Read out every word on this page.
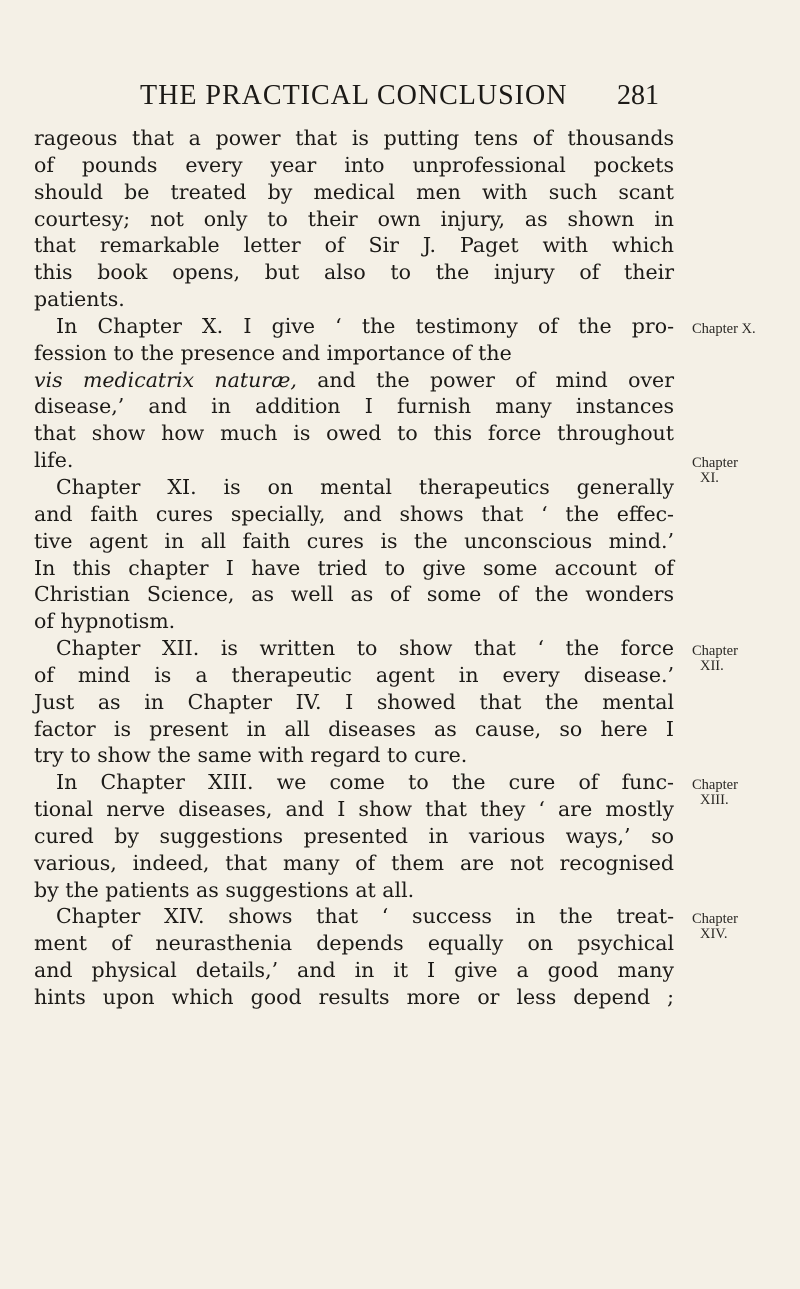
THE PRACTICAL CONCLUSION 281
rageous that a power that is putting tens of thousands
of pounds every year into unprofessional pockets
should be treated by medical men with such scant
courtesy; not only to their own injury, as shown in
that remarkable letter of Sir J. Paget with which
this book opens, but also to the injury of their
patients.
In Chapter X. I give ‘ the testimony of the pro-
fession to the presence and importance of the
vis medicatrix naturæ, and the power of mind over
disease,’ and in addition I furnish many instances
that show how much is owed to this force throughout
life.
Chapter XI. is on mental therapeutics generally
and faith cures specially, and shows that ‘ the effec-
tive agent in all faith cures is the unconscious mind.’
In this chapter I have tried to give some account of
Christian Science, as well as of some of the wonders
of hypnotism.
Chapter XII. is written to show that ‘ the force
of mind is a therapeutic agent in every disease.’
Just as in Chapter IV. I showed that the mental
factor is present in all diseases as cause, so here I
try to show the same with regard to cure.
In Chapter XIII. we come to the cure of func-
tional nerve diseases, and I show that they ‘ are mostly
cured by suggestions presented in various ways,’ so
various, indeed, that many of them are not recognised
by the patients as suggestions at all.
Chapter XIV. shows that ‘ success in the treat-
ment of neurasthenia depends equally on psychical
and physical details,’ and in it I give a good many
hints upon which good results more or less depend ;
Chapter X.
Chapter
XI.
Chapter
XII.
Chapter
XIII.
Chapter
XIV.
